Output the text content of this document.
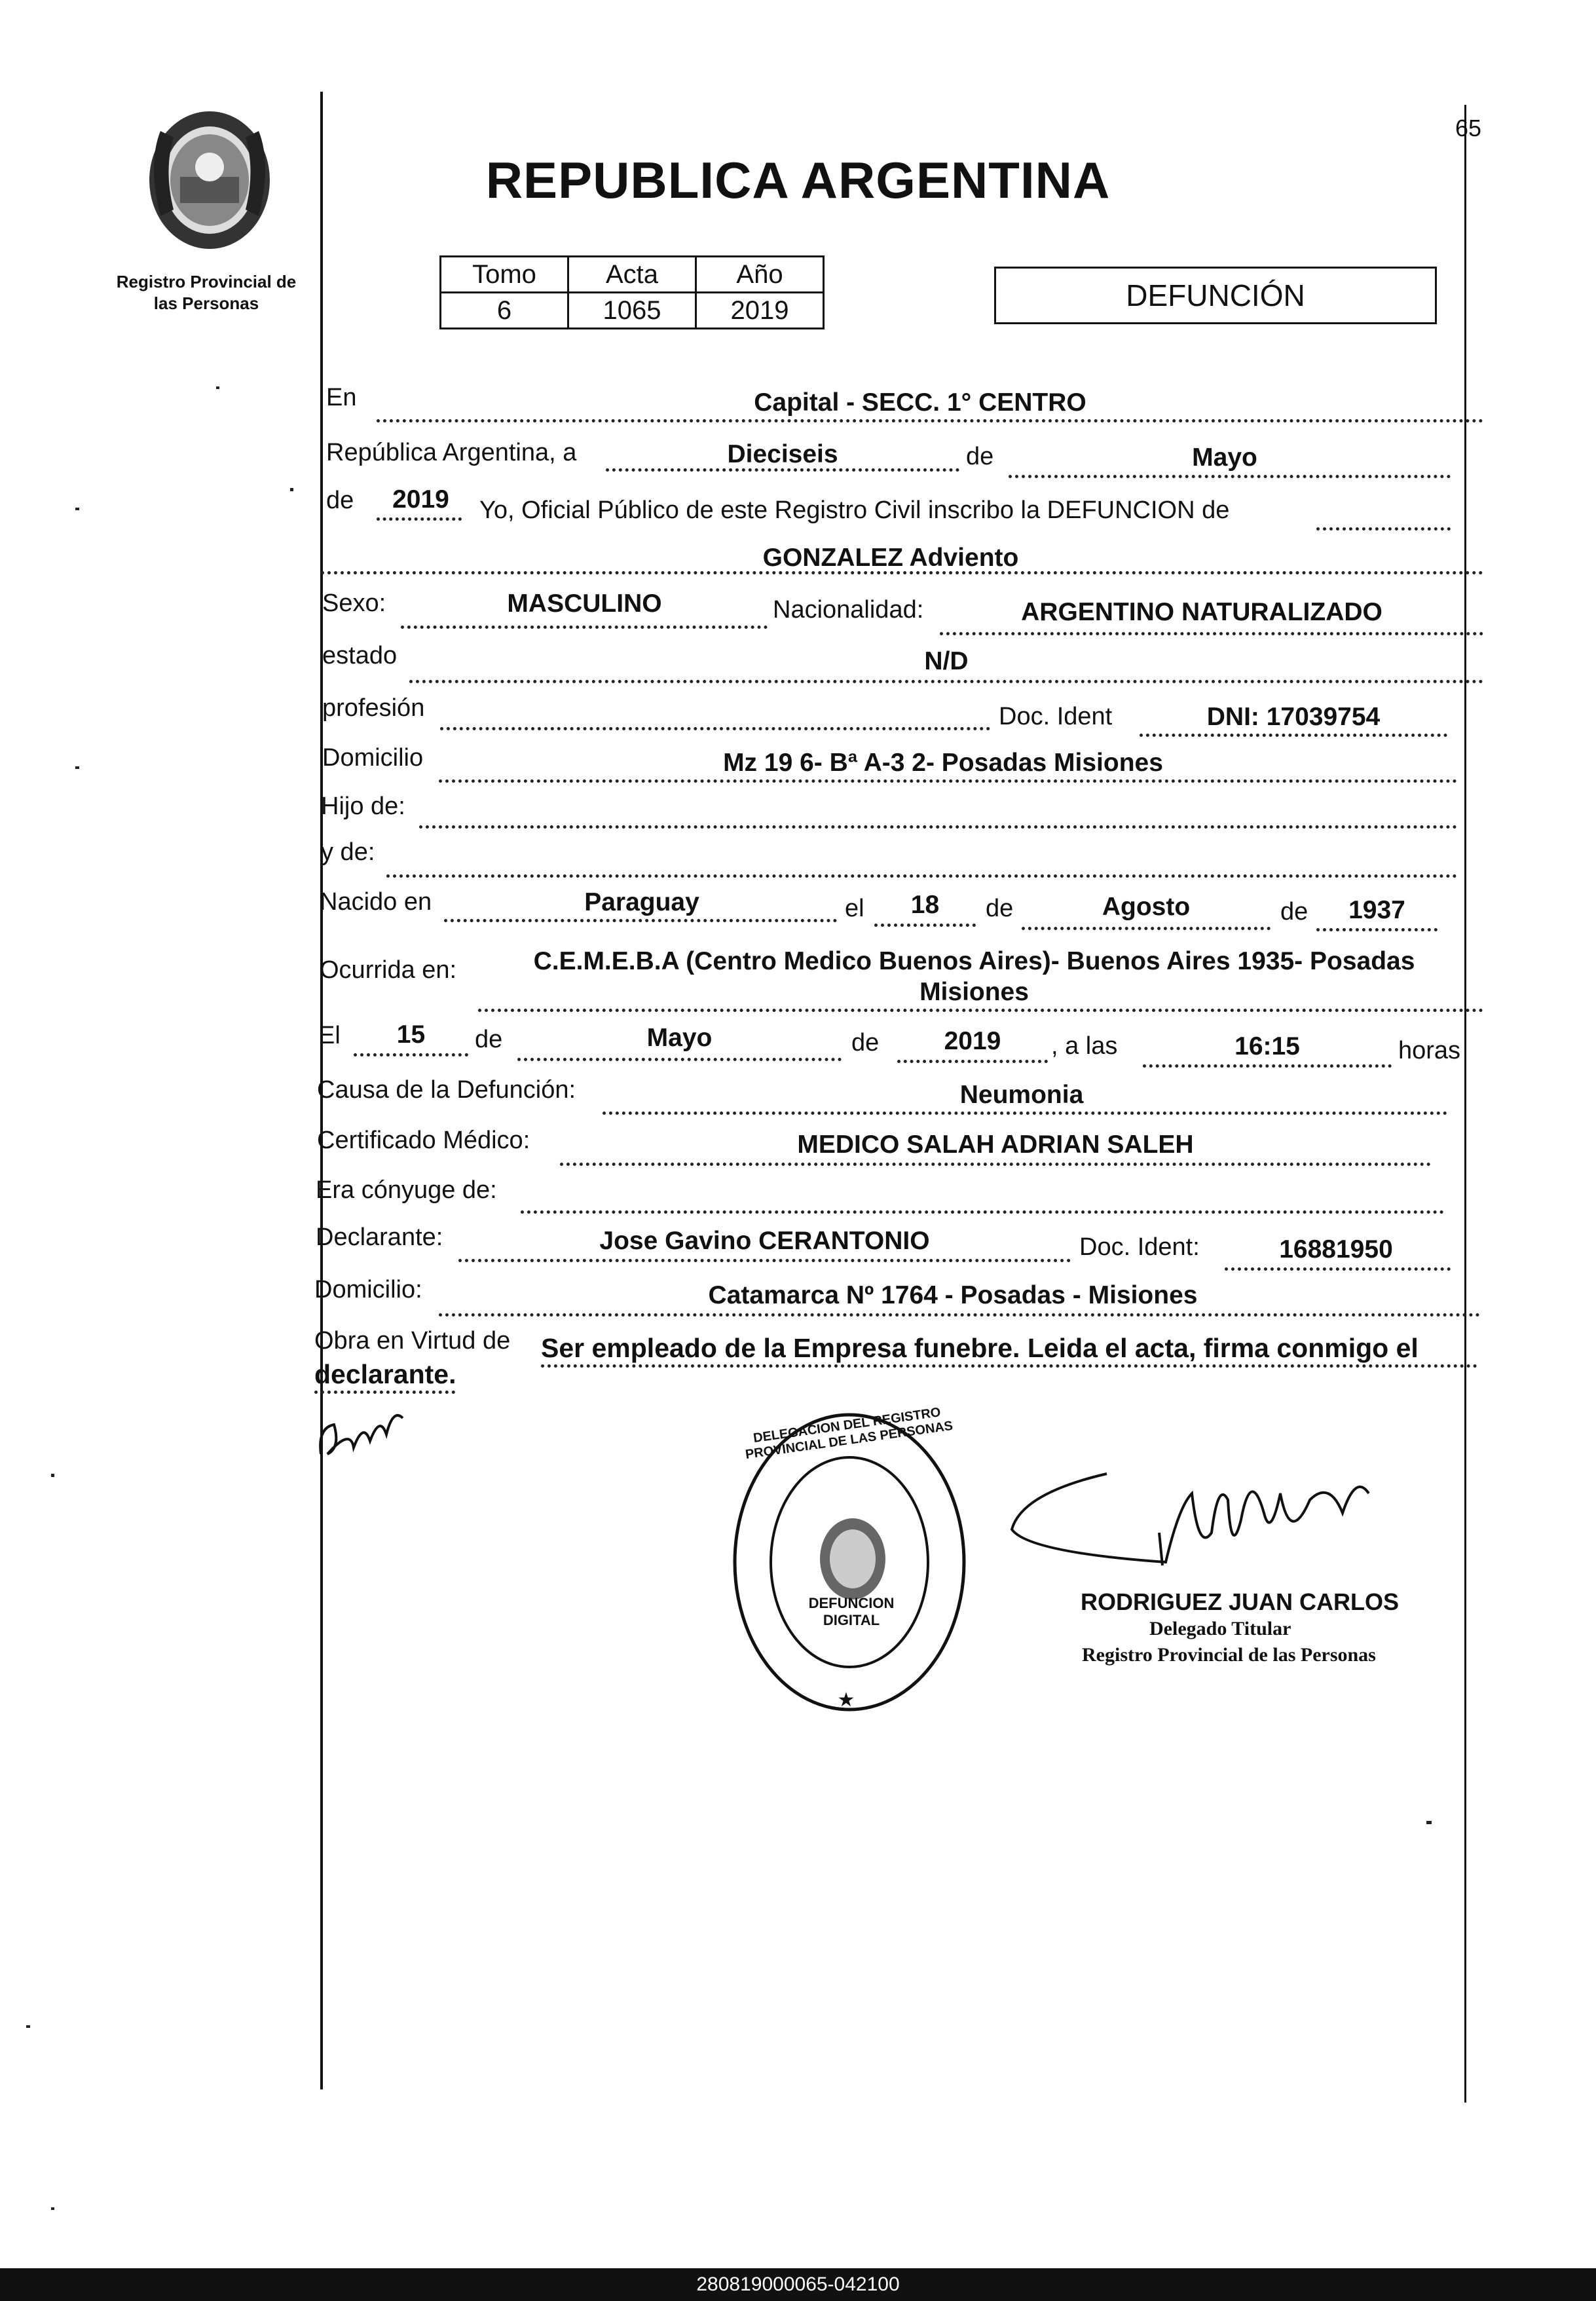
PROVINCIA DE MISIONES
Registro Provincial de
las Personas
65
REPUBLICA ARGENTINA
Tomo	Acta	Año
6	1065	2019	DEFUNCIÓN
En	Capital - SECC. 1° CENTRO
República Argentina, a	Dieciseis	de	Mayo
de	2019	Yo, Oficial Público de este Registro Civil inscribo la DEFUNCION de
GONZALEZ Adviento
Sexo:	MASCULINO	Nacionalidad:	ARGENTINO NATURALIZADO
estado	N/D
profesión	Doc. Ident	DNI: 17039754
Domicilio	Mz 19 6- Bª A-3 2- Posadas Misiones
Hijo de:
y de:
Nacido en	Paraguay	el	18	de	Agosto	de	1937
Ocurrida en:	C.E.M.E.B.A (Centro Medico Buenos Aires)- Buenos Aires 1935- Posadas
Misiones
El	15	de	Mayo	de	2019	, a las	16:15	horas
Causa de la Defunción:	Neumonia
Certificado Médico:	MEDICO SALAH ADRIAN SALEH
Era cónyuge de:
Declarante:	Jose Gavino CERANTONIO	Doc. Ident:	16881950
Domicilio:	Catamarca Nº 1764 - Posadas - Misiones
Obra en Virtud de Ser empleado de la Empresa funebre. Leida el acta, firma conmigo el
declarante.
★
DELEGACION DEL REGISTRO PROVINCIAL DE LAS PERSONAS
DEFUNCION DIGITAL
RODRIGUEZ JUAN CARLOS
Delegado Titular
Registro Provincial de las Personas
280819000065-042100
